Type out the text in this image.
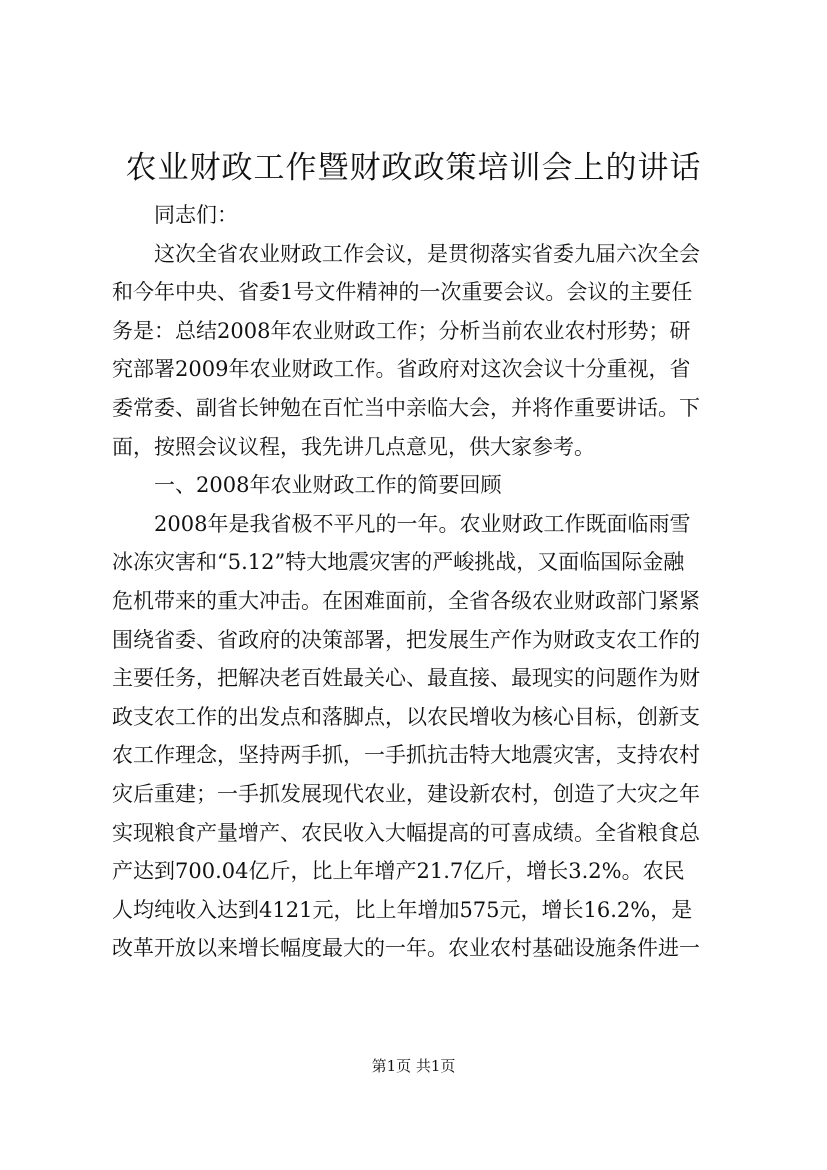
农业财政工作暨财政政策培训会上的讲话
同志们：
这次全省农业财政工作会议，是贯彻落实省委九届六次全会
和今年中央、省委1号文件精神的一次重要会议。会议的主要任
务是：总结2008年农业财政工作；分析当前农业农村形势；研
究部署2009年农业财政工作。省政府对这次会议十分重视，省
委常委、副省长钟勉在百忙当中亲临大会，并将作重要讲话。下
面，按照会议议程，我先讲几点意见，供大家参考。
一、2008年农业财政工作的简要回顾
2008年是我省极不平凡的一年。农业财政工作既面临雨雪
冰冻灾害和“5.12”特大地震灾害的严峻挑战，又面临国际金融
危机带来的重大冲击。在困难面前，全省各级农业财政部门紧紧
围绕省委、省政府的决策部署，把发展生产作为财政支农工作的
主要任务，把解决老百姓最关心、最直接、最现实的问题作为财
政支农工作的出发点和落脚点，以农民增收为核心目标，创新支
农工作理念，坚持两手抓，一手抓抗击特大地震灾害，支持农村
灾后重建；一手抓发展现代农业，建设新农村，创造了大灾之年
实现粮食产量增产、农民收入大幅提高的可喜成绩。全省粮食总
产达到700.04亿斤，比上年增产21.7亿斤，增长3.2%。农民
人均纯收入达到4121元，比上年增加575元，增长16.2%，是
改革开放以来增长幅度最大的一年。农业农村基础设施条件进一
第1页 共1页
